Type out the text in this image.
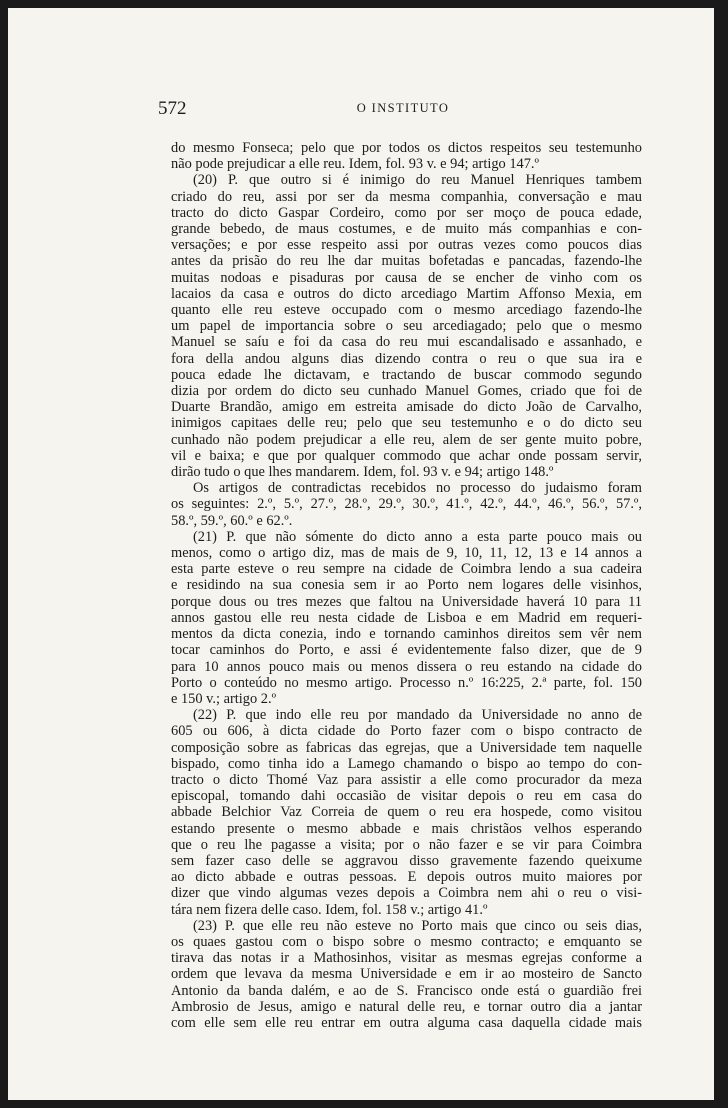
572	O INSTITUTO
do mesmo Fonseca; pelo que por todos os dictos respeitos seu testemunho
não pode prejudicar a elle reu. Idem, fol. 93 v. e 94; artigo 147.º
(20) P. que outro si é inimigo do reu Manuel Henriques tambem
criado do reu, assi por ser da mesma companhia, conversação e mau
tracto do dicto Gaspar Cordeiro, como por ser moço de pouca edade,
grande bebedo, de maus costumes, e de muito más companhias e con-
versações; e por esse respeito assi por outras vezes como poucos dias
antes da prisão do reu lhe dar muitas bofetadas e pancadas, fazendo-lhe
muitas nodoas e pisaduras por causa de se encher de vinho com os
lacaios da casa e outros do dicto arcediago Martim Affonso Mexia, em
quanto elle reu esteve occupado com o mesmo arcediago fazendo-lhe
um papel de importancia sobre o seu arcediagado; pelo que o mesmo
Manuel se saíu e foi da casa do reu mui escandalisado e assanhado, e
fora della andou alguns dias dizendo contra o reu o que sua ira e
pouca edade lhe dictavam, e tractando de buscar commodo segundo
dizia por ordem do dicto seu cunhado Manuel Gomes, criado que foi de
Duarte Brandão, amigo em estreita amisade do dicto João de Carvalho,
inimigos capitaes delle reu; pelo que seu testemunho e o do dicto seu
cunhado não podem prejudicar a elle reu, alem de ser gente muito pobre,
vil e baixa; e que por qualquer commodo que achar onde possam servir,
dirão tudo o que lhes mandarem. Idem, fol. 93 v. e 94; artigo 148.º
Os artigos de contradictas recebidos no processo do judaismo foram
os seguintes: 2.º, 5.º, 27.º, 28.º, 29.º, 30.º, 41.º, 42.º, 44.º, 46.º, 56.º, 57.º,
58.º, 59.º, 60.º e 62.º.
(21) P. que não sómente do dicto anno a esta parte pouco mais ou
menos, como o artigo diz, mas de mais de 9, 10, 11, 12, 13 e 14 annos a
esta parte esteve o reu sempre na cidade de Coimbra lendo a sua cadeira
e residindo na sua conesia sem ir ao Porto nem logares delle visinhos,
porque dous ou tres mezes que faltou na Universidade haverá 10 para 11
annos gastou elle reu nesta cidade de Lisboa e em Madrid em requeri-
mentos da dicta conezia, indo e tornando caminhos direitos sem vêr nem
tocar caminhos do Porto, e assi é evidentemente falso dizer, que de 9
para 10 annos pouco mais ou menos dissera o reu estando na cidade do
Porto o conteúdo no mesmo artigo. Processo n.º 16:225, 2.ª parte, fol. 150
e 150 v.; artigo 2.º
(22) P. que indo elle reu por mandado da Universidade no anno de
605 ou 606, à dicta cidade do Porto fazer com o bispo contracto de
composição sobre as fabricas das egrejas, que a Universidade tem naquelle
bispado, como tinha ido a Lamego chamando o bispo ao tempo do con-
tracto o dicto Thomé Vaz para assistir a elle como procurador da meza
episcopal, tomando dahi occasião de visitar depois o reu em casa do
abbade Belchior Vaz Correia de quem o reu era hospede, como visitou
estando presente o mesmo abbade e mais christãos velhos esperando
que o reu lhe pagasse a visita; por o não fazer e se vir para Coimbra
sem fazer caso delle se aggravou disso gravemente fazendo queixume
ao dicto abbade e outras pessoas. E depois outros muito maiores por
dizer que vindo algumas vezes depois a Coimbra nem ahi o reu o visi-
tára nem fizera delle caso. Idem, fol. 158 v.; artigo 41.º
(23) P. que elle reu não esteve no Porto mais que cinco ou seis dias,
os quaes gastou com o bispo sobre o mesmo contracto; e emquanto se
tirava das notas ir a Mathosinhos, visitar as mesmas egrejas conforme a
ordem que levava da mesma Universidade e em ir ao mosteiro de Sancto
Antonio da banda dalém, e ao de S. Francisco onde está o guardião frei
Ambrosio de Jesus, amigo e natural delle reu, e tornar outro dia a jantar
com elle sem elle reu entrar em outra alguma casa daquella cidade mais
